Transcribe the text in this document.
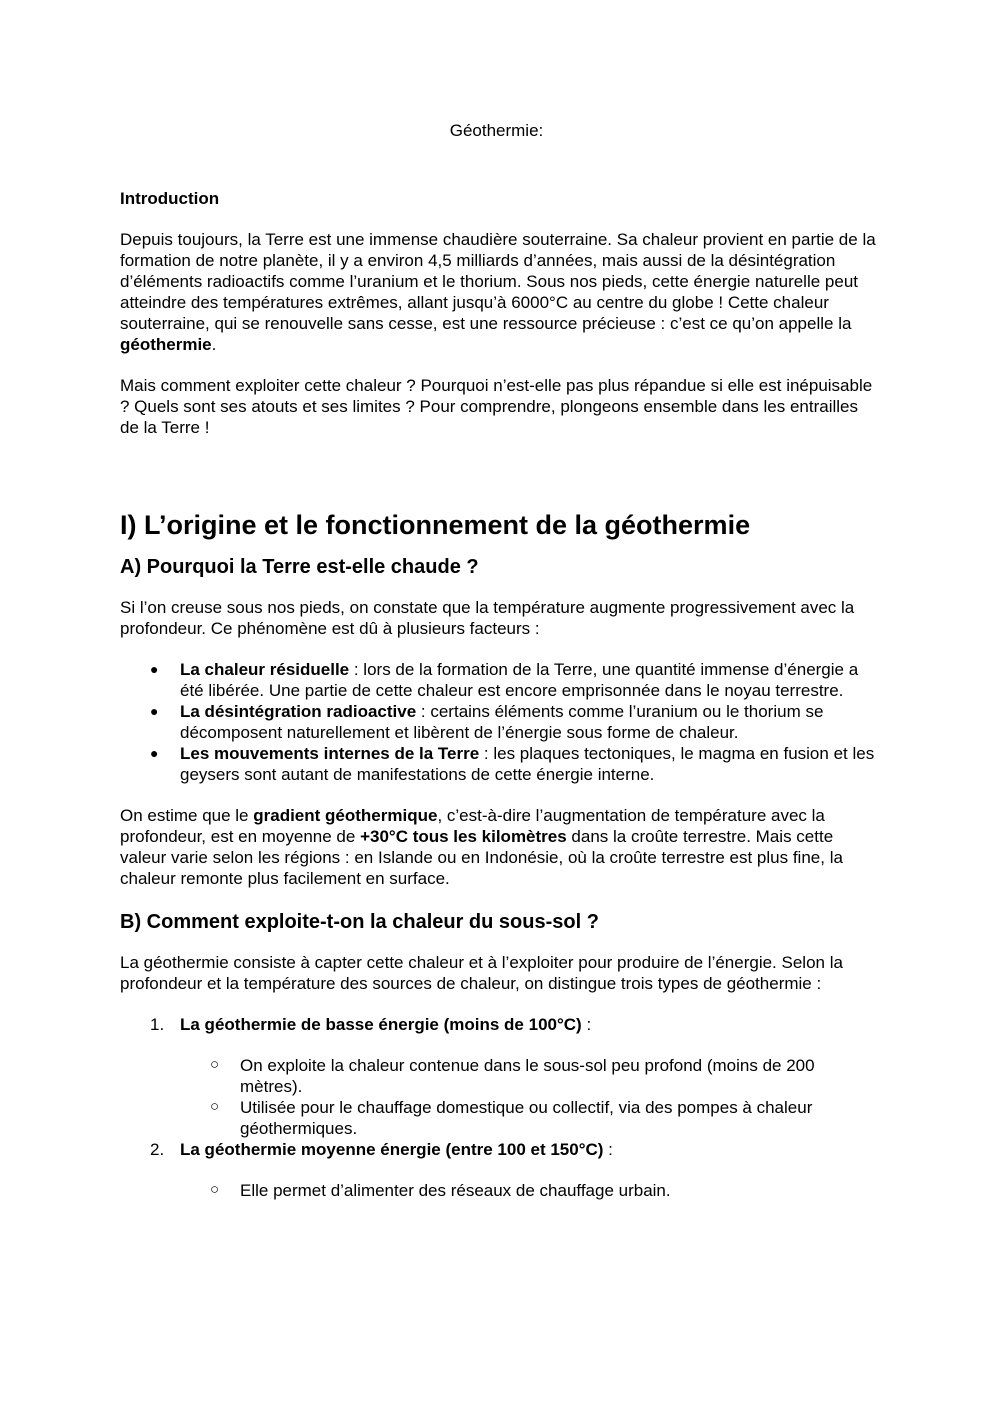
Géothermie:

Introduction

Depuis toujours, la Terre est une immense chaudière souterraine. Sa chaleur provient en partie de la formation de notre planète, il y a environ 4,5 milliards d’années, mais aussi de la désintégration d’éléments radioactifs comme l’uranium et le thorium. Sous nos pieds, cette énergie naturelle peut atteindre des températures extrêmes, allant jusqu’à 6000°C au centre du globe ! Cette chaleur souterraine, qui se renouvelle sans cesse, est une ressource précieuse : c’est ce qu’on appelle la géothermie.

Mais comment exploiter cette chaleur ? Pourquoi n’est-elle pas plus répandue si elle est inépuisable ? Quels sont ses atouts et ses limites ? Pour comprendre, plongeons ensemble dans les entrailles de la Terre !

I) L’origine et le fonctionnement de la géothermie
A) Pourquoi la Terre est-elle chaude ?

Si l’on creuse sous nos pieds, on constate que la température augmente progressivement avec la profondeur. Ce phénomène est dû à plusieurs facteurs :

● La chaleur résiduelle : lors de la formation de la Terre, une quantité immense d’énergie a été libérée. Une partie de cette chaleur est encore emprisonnée dans le noyau terrestre.
● La désintégration radioactive : certains éléments comme l’uranium ou le thorium se décomposent naturellement et libèrent de l’énergie sous forme de chaleur.
● Les mouvements internes de la Terre : les plaques tectoniques, le magma en fusion et les geysers sont autant de manifestations de cette énergie interne.

On estime que le gradient géothermique, c’est-à-dire l’augmentation de température avec la profondeur, est en moyenne de +30°C tous les kilomètres dans la croûte terrestre. Mais cette valeur varie selon les régions : en Islande ou en Indonésie, où la croûte terrestre est plus fine, la chaleur remonte plus facilement en surface.

B) Comment exploite-t-on la chaleur du sous-sol ?

La géothermie consiste à capter cette chaleur et à l’exploiter pour produire de l’énergie. Selon la profondeur et la température des sources de chaleur, on distingue trois types de géothermie :

1. La géothermie de basse énergie (moins de 100°C) :
○ On exploite la chaleur contenue dans le sous-sol peu profond (moins de 200 mètres).
○ Utilisée pour le chauffage domestique ou collectif, via des pompes à chaleur géothermiques.
2. La géothermie moyenne énergie (entre 100 et 150°C) :
○ Elle permet d’alimenter des réseaux de chauffage urbain.
